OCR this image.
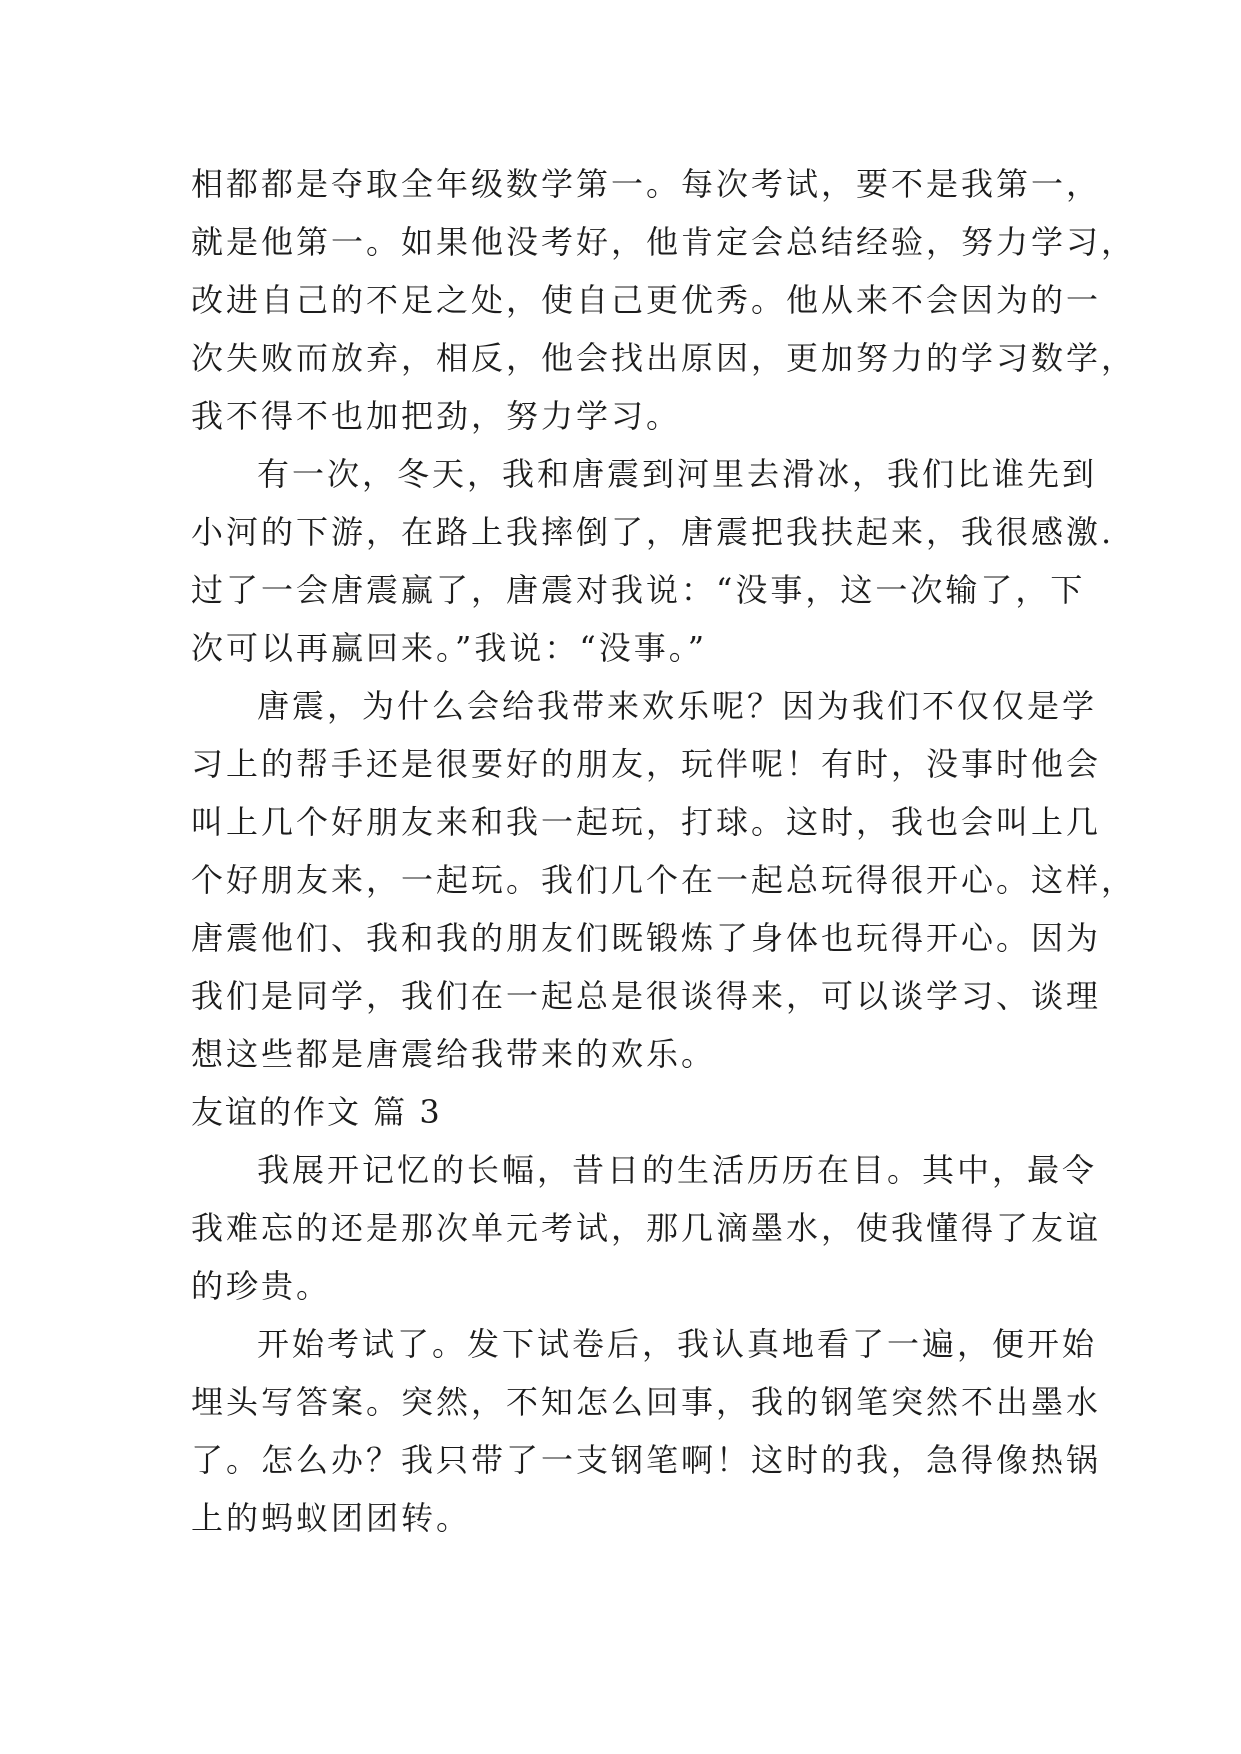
相都都是夺取全年级数学第一。每次考试，要不是我第一，
就是他第一。如果他没考好，他肯定会总结经验，努力学习，
改进自己的不足之处，使自己更优秀。他从来不会因为的一
次失败而放弃，相反，他会找出原因，更加努力的学习数学，
我不得不也加把劲，努力学习。
有一次，冬天，我和唐震到河里去滑冰，我们比谁先到
小河的下游，在路上我摔倒了，唐震把我扶起来，我很感激.
过了一会唐震赢了，唐震对我说：“没事，这一次输了，下
次可以再赢回来。”我说：“没事。”
唐震，为什么会给我带来欢乐呢？因为我们不仅仅是学
习上的帮手还是很要好的朋友，玩伴呢！有时，没事时他会
叫上几个好朋友来和我一起玩，打球。这时，我也会叫上几
个好朋友来，一起玩。我们几个在一起总玩得很开心。这样，
唐震他们、我和我的朋友们既锻炼了身体也玩得开心。因为
我们是同学，我们在一起总是很谈得来，可以谈学习、谈理
想这些都是唐震给我带来的欢乐。
友谊的作文 篇 3
我展开记忆的长幅，昔日的生活历历在目。其中，最令
我难忘的还是那次单元考试，那几滴墨水，使我懂得了友谊
的珍贵。
开始考试了。发下试卷后，我认真地看了一遍，便开始
埋头写答案。突然，不知怎么回事，我的钢笔突然不出墨水
了。怎么办？我只带了一支钢笔啊！这时的我，急得像热锅
上的蚂蚁团团转。
